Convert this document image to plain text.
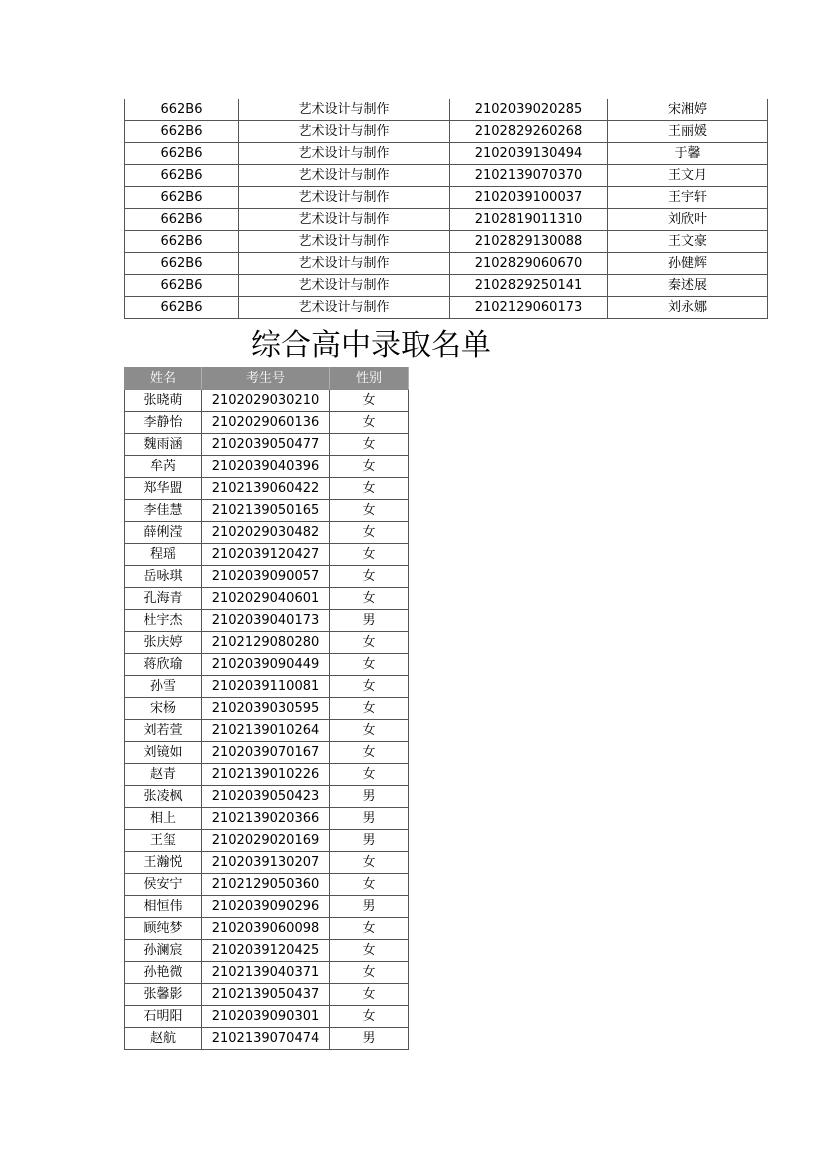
662B6	艺术设计与制作	2102039020285	宋湘婷
662B6	艺术设计与制作	2102829260268	王丽媛
662B6	艺术设计与制作	2102039130494	于馨
662B6	艺术设计与制作	2102139070370	王文月
662B6	艺术设计与制作	2102039100037	王宇轩
662B6	艺术设计与制作	2102819011310	刘欣叶
662B6	艺术设计与制作	2102829130088	王文豪
662B6	艺术设计与制作	2102829060670	孙健辉
662B6	艺术设计与制作	2102829250141	秦述展
662B6	艺术设计与制作	2102129060173	刘永娜
综合高中录取名单
姓名	考生号	性别
张晓萌	2102029030210	女
李静怡	2102029060136	女
魏雨涵	2102039050477	女
牟芮	2102039040396	女
郑华盟	2102139060422	女
李佳慧	2102139050165	女
薛俐滢	2102029030482	女
程瑶	2102039120427	女
岳咏琪	2102039090057	女
孔海青	2102029040601	女
杜宇杰	2102039040173	男
张庆婷	2102129080280	女
蒋欣瑜	2102039090449	女
孙雪	2102039110081	女
宋杨	2102039030595	女
刘若萱	2102139010264	女
刘镜如	2102039070167	女
赵青	2102139010226	女
张凌枫	2102039050423	男
相上	2102139020366	男
王玺	2102029020169	男
王瀚悦	2102039130207	女
侯安宁	2102129050360	女
相恒伟	2102039090296	男
顾纯梦	2102039060098	女
孙澜宸	2102039120425	女
孙艳微	2102139040371	女
张馨影	2102139050437	女
石明阳	2102039090301	女
赵航	2102139070474	男
